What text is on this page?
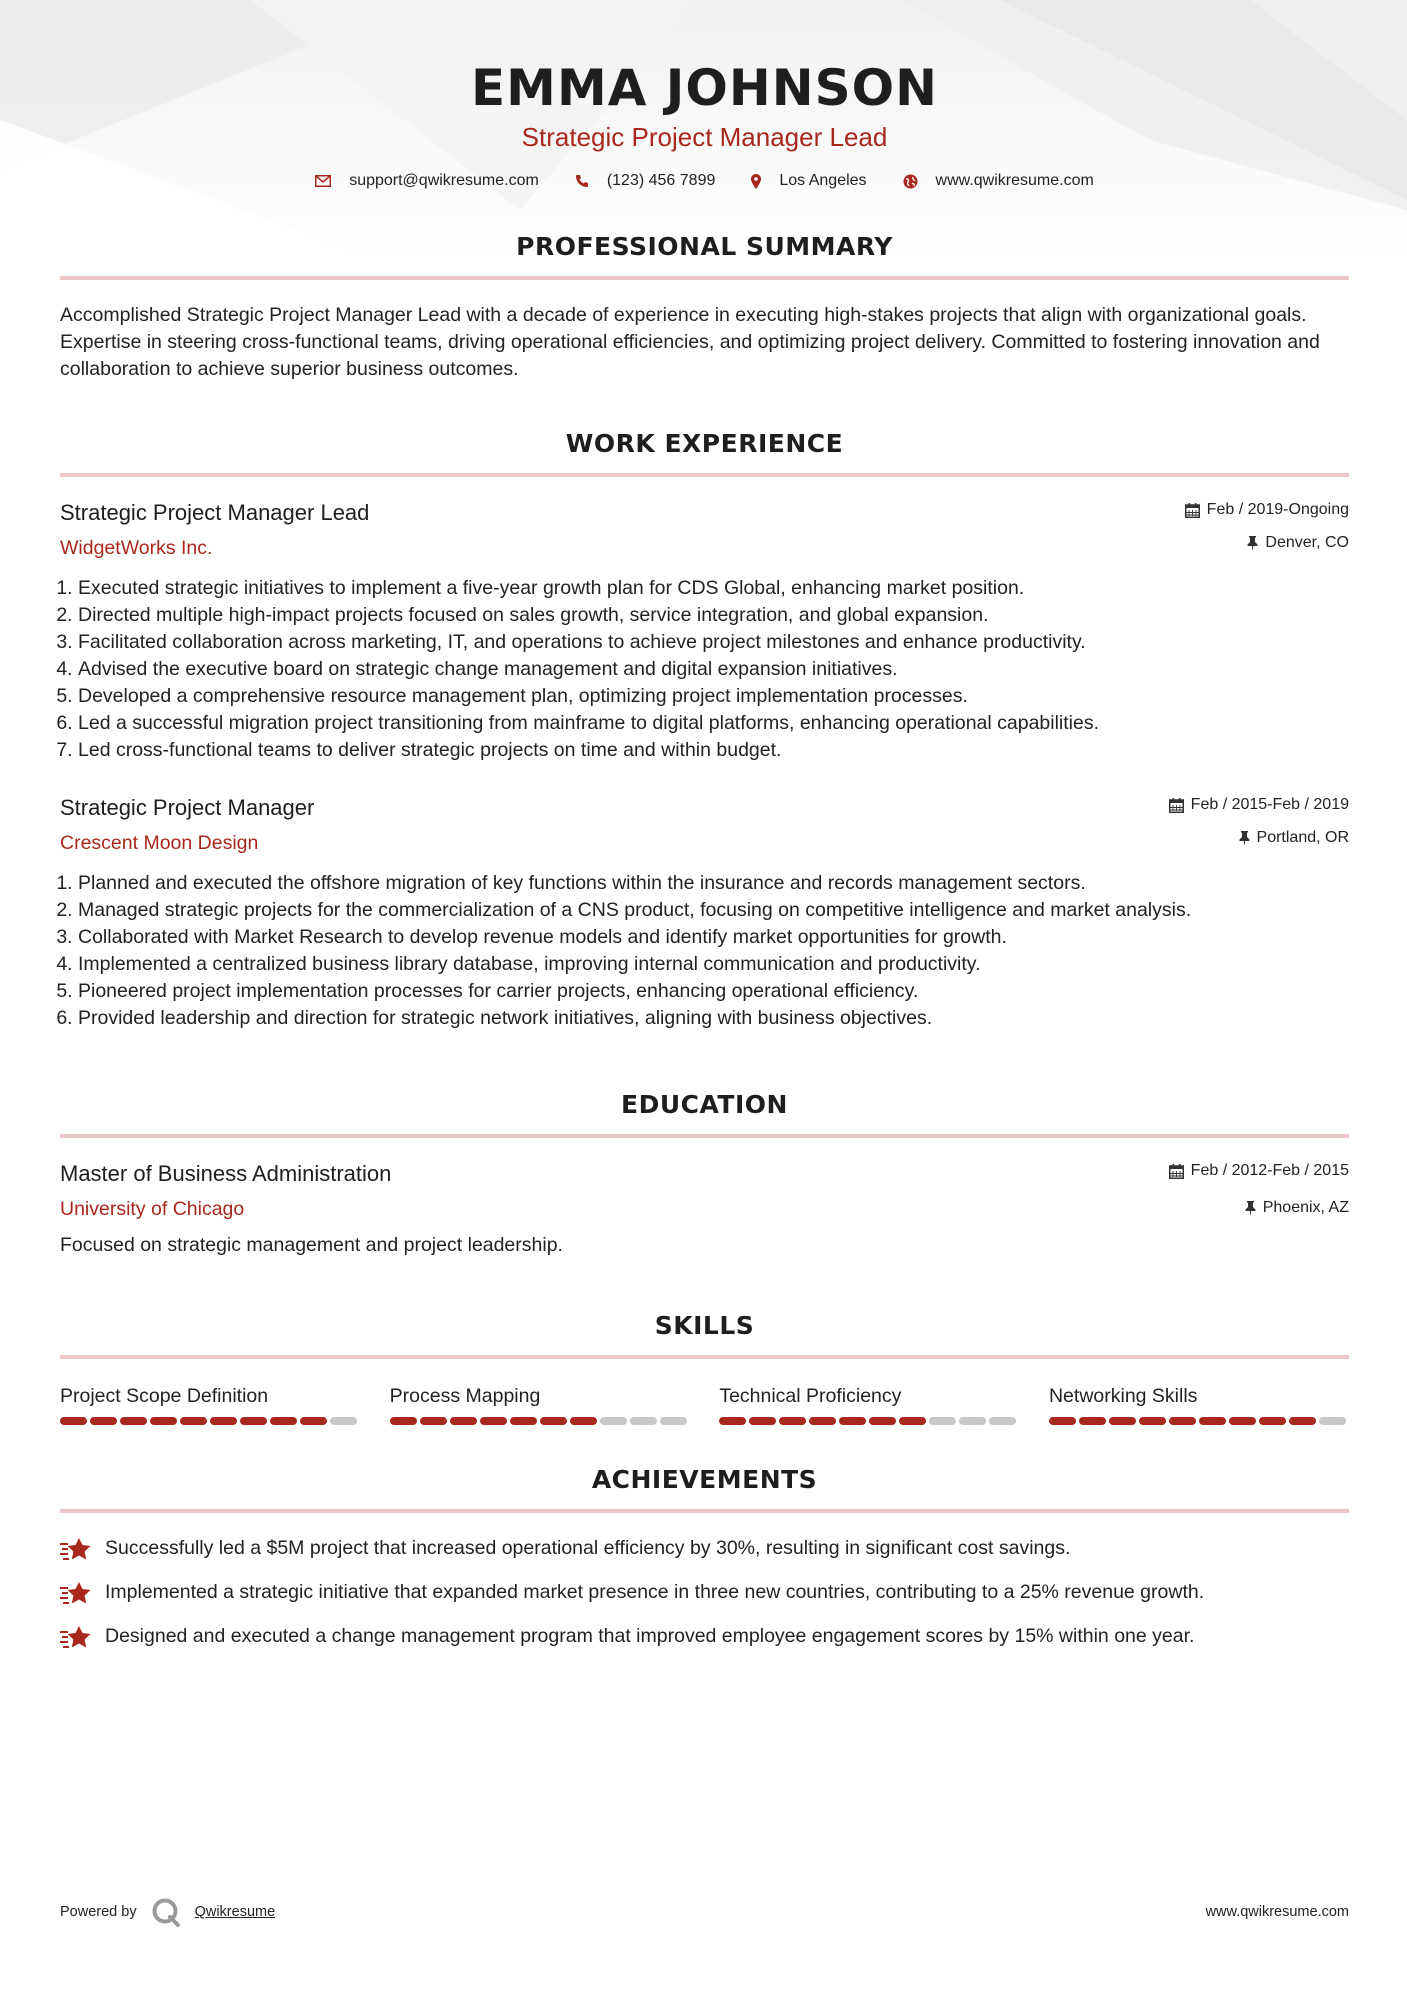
EMMA JOHNSON
Strategic Project Manager Lead
support@qwikresume.com	(123) 456 7899	Los Angeles	www.qwikresume.com
PROFESSIONAL SUMMARY
Accomplished Strategic Project Manager Lead with a decade of experience in executing high-stakes projects that align with organizational goals. Expertise in steering cross-functional teams, driving operational efficiencies, and optimizing project delivery. Committed to fostering innovation and collaboration to achieve superior business outcomes.
WORK EXPERIENCE
Strategic Project Manager Lead
WidgetWorks Inc.
Feb / 2019-Ongoing
Denver, CO
1. Executed strategic initiatives to implement a five-year growth plan for CDS Global, enhancing market position.
2. Directed multiple high-impact projects focused on sales growth, service integration, and global expansion.
3. Facilitated collaboration across marketing, IT, and operations to achieve project milestones and enhance productivity.
4. Advised the executive board on strategic change management and digital expansion initiatives.
5. Developed a comprehensive resource management plan, optimizing project implementation processes.
6. Led a successful migration project transitioning from mainframe to digital platforms, enhancing operational capabilities.
7. Led cross-functional teams to deliver strategic projects on time and within budget.
Strategic Project Manager
Crescent Moon Design
Feb / 2015-Feb / 2019
Portland, OR
1. Planned and executed the offshore migration of key functions within the insurance and records management sectors.
2. Managed strategic projects for the commercialization of a CNS product, focusing on competitive intelligence and market analysis.
3. Collaborated with Market Research to develop revenue models and identify market opportunities for growth.
4. Implemented a centralized business library database, improving internal communication and productivity.
5. Pioneered project implementation processes for carrier projects, enhancing operational efficiency.
6. Provided leadership and direction for strategic network initiatives, aligning with business objectives.
EDUCATION
Master of Business Administration
University of Chicago
Feb / 2012-Feb / 2015
Phoenix, AZ
Focused on strategic management and project leadership.
SKILLS
Project Scope Definition	Process Mapping	Technical Proficiency	Networking Skills
ACHIEVEMENTS
Successfully led a $5M project that increased operational efficiency by 30%, resulting in significant cost savings.
Implemented a strategic initiative that expanded market presence in three new countries, contributing to a 25% revenue growth.
Designed and executed a change management program that improved employee engagement scores by 15% within one year.
Powered by	Qwikresume	www.qwikresume.com
